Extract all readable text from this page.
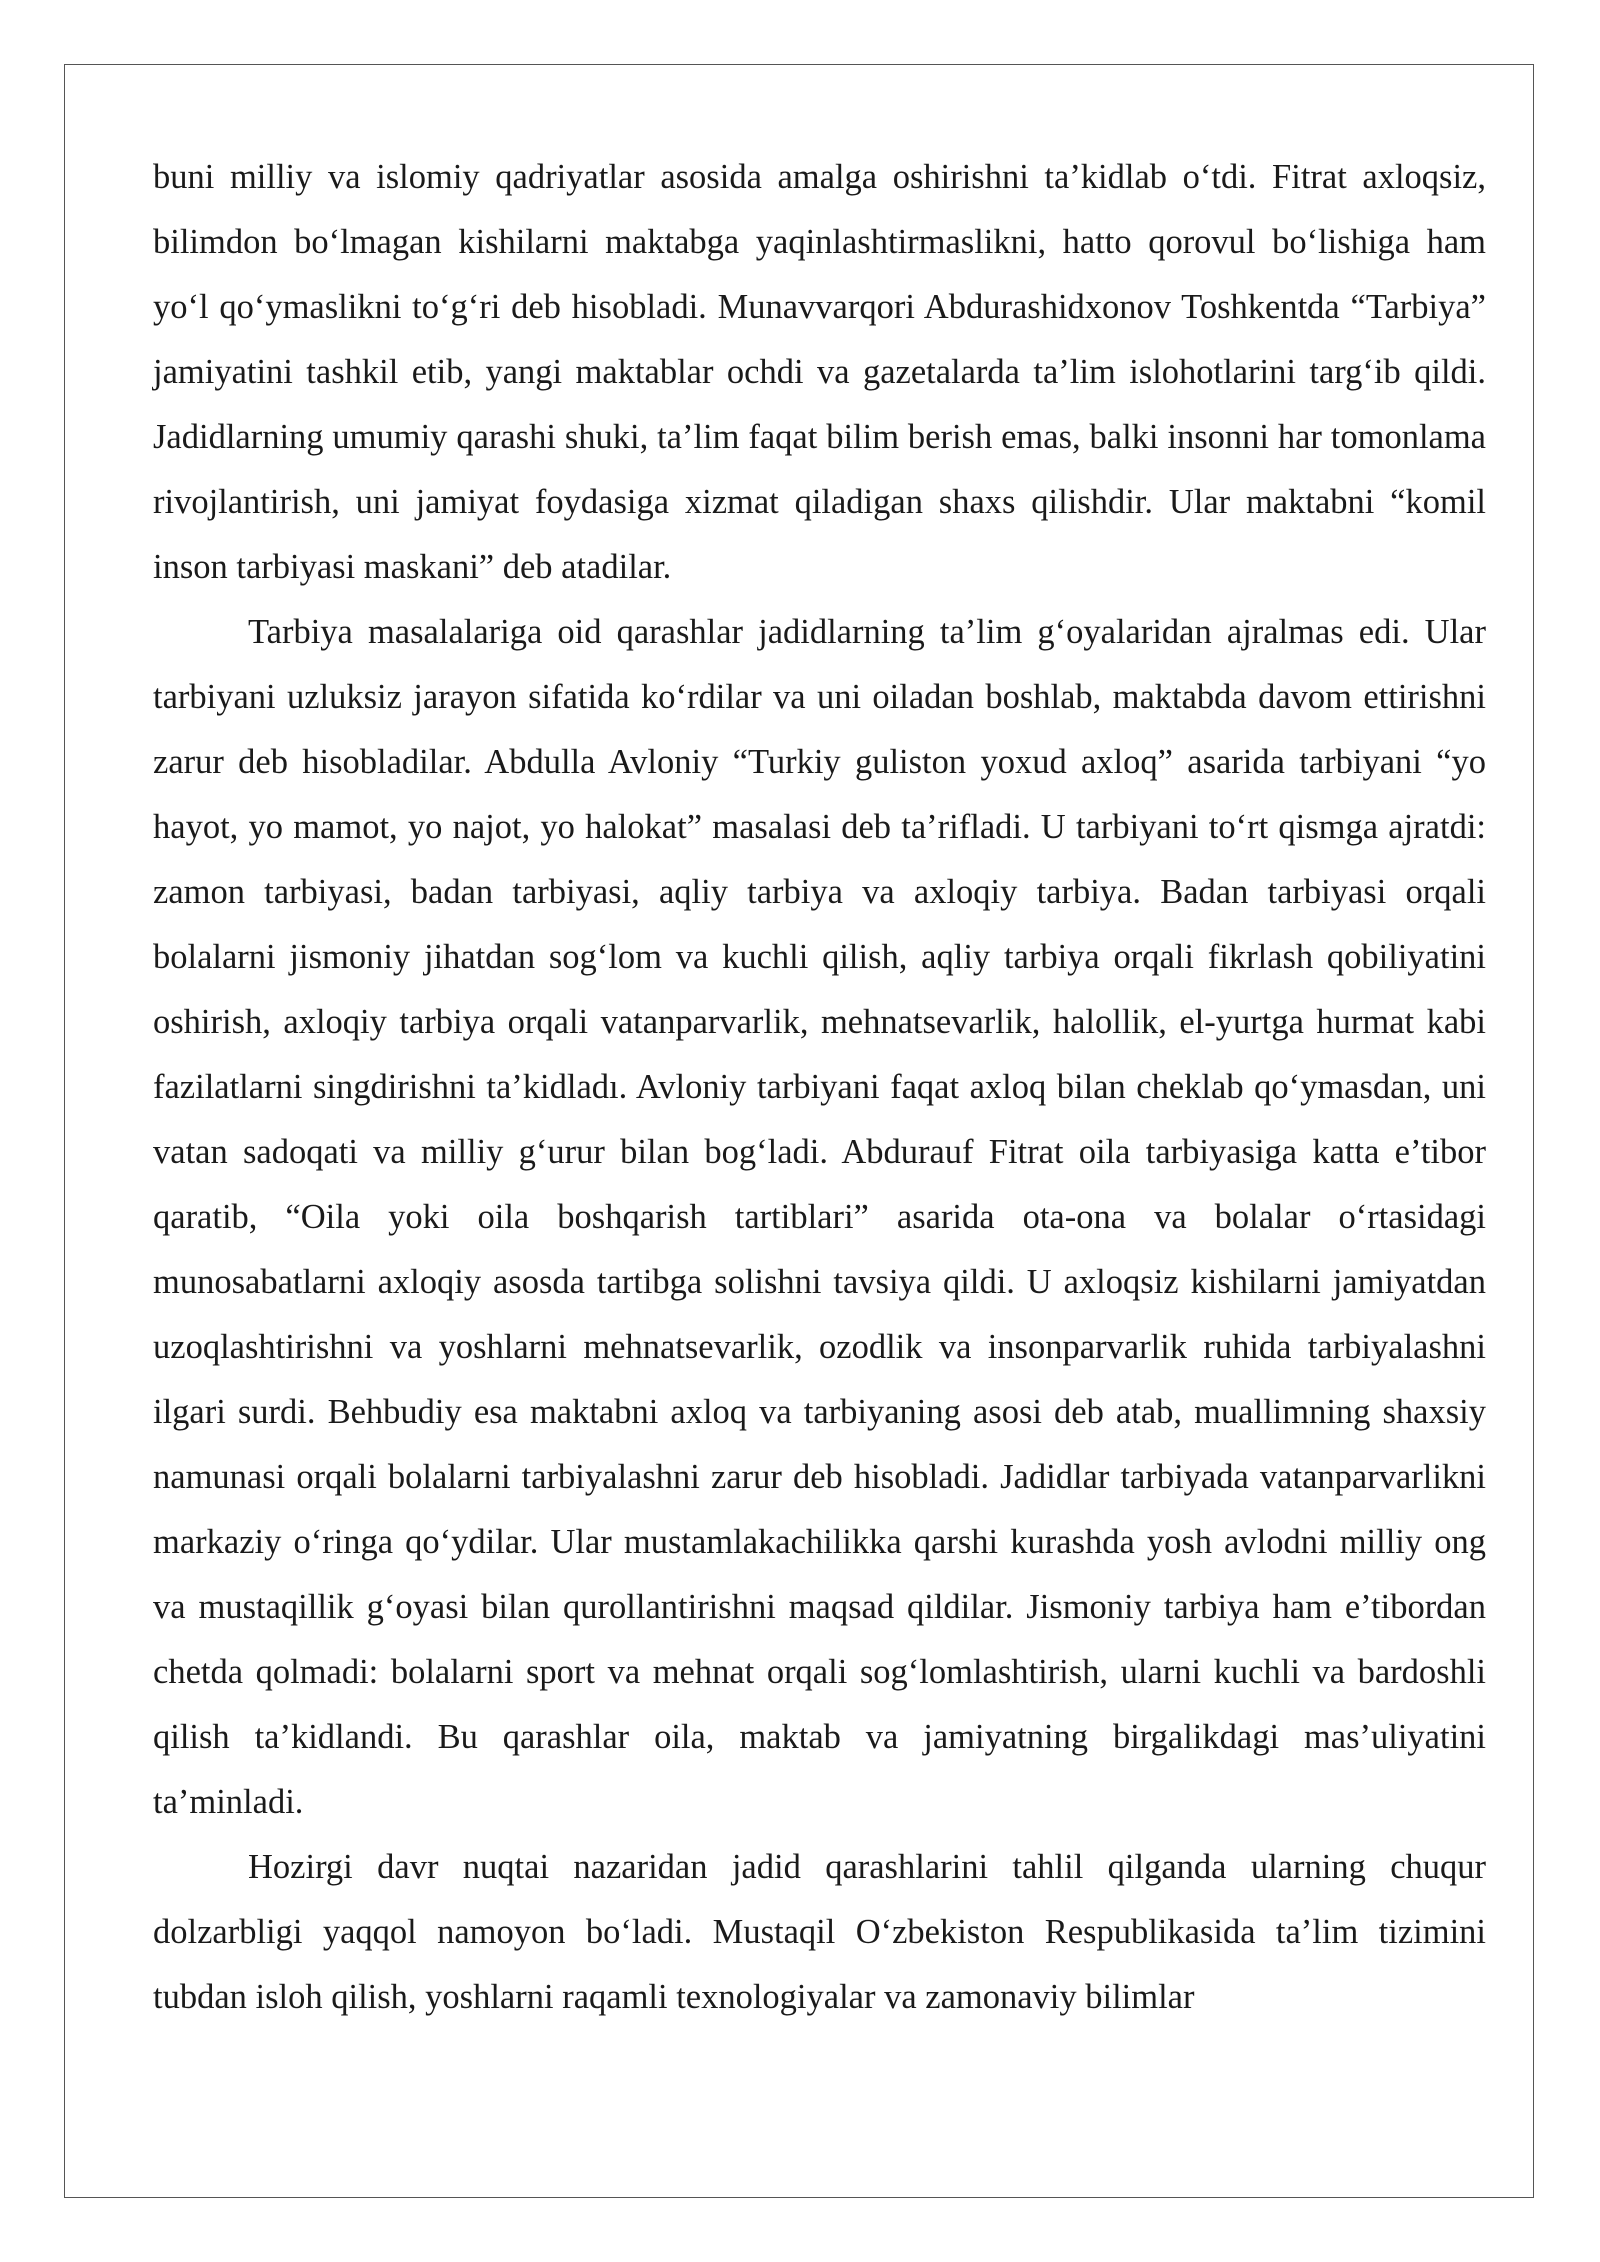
buni milliy va islomiy qadriyatlar asosida amalga oshirishni ta’kidlab o‘tdi. Fitrat axloqsiz, bilimdon bo‘lmagan kishilarni maktabga yaqinlashtirmaslikni, hatto qorovul bo‘lishiga ham yo‘l qo‘ymaslikni to‘g‘ri deb hisobladi. Munavvarqori Abdurashidxonov Toshkentda “Tarbiya” jamiyatini tashkil etib, yangi maktablar ochdi va gazetalarda ta’lim islohotlarini targ‘ib qildi. Jadidlarning umumiy qarashi shuki, ta’lim faqat bilim berish emas, balki insonni har tomonlama rivojlantirish, uni jamiyat foydasiga xizmat qiladigan shaxs qilishdir. Ular maktabni “komil inson tarbiyasi maskani” deb atadilar.

Tarbiya masalalariga oid qarashlar jadidlarning ta’lim g‘oyalaridan ajralmas edi. Ular tarbiyani uzluksiz jarayon sifatida ko‘rdilar va uni oiladan boshlab, maktabda davom ettirishni zarur deb hisobladilar. Abdulla Avloniy “Turkiy guliston yoxud axloq” asarida tarbiyani “yo hayot, yo mamot, yo najot, yo halokat” masalasi deb ta’rifladi. U tarbiyani to‘rt qismga ajratdi: zamon tarbiyasi, badan tarbiyasi, aqliy tarbiya va axloqiy tarbiya. Badan tarbiyasi orqali bolalarni jismoniy jihatdan sog‘lom va kuchli qilish, aqliy tarbiya orqali fikrlash qobiliyatini oshirish, axloqiy tarbiya orqali vatanparvarlik, mehnatsevarlik, halollik, el-yurtga hurmat kabi fazilatlarni singdirishni ta’kidladı. Avloniy tarbiyani faqat axloq bilan cheklab qo‘ymasdan, uni vatan sadoqati va milliy g‘urur bilan bog‘ladi. Abdurauf Fitrat oila tarbiyasiga katta e’tibor qaratib, “Oila yoki oila boshqarish tartiblari” asarida ota-ona va bolalar o‘rtasidagi munosabatlarni axloqiy asosda tartibga solishni tavsiya qildi. U axloqsiz kishilarni jamiyatdan uzoqlashtirishni va yoshlarni mehnatsevarlik, ozodlik va insonparvarlik ruhida tarbiyalashni ilgari surdi. Behbudiy esa maktabni axloq va tarbiyaning asosi deb atab, muallimning shaxsiy namunasi orqali bolalarni tarbiyalashni zarur deb hisobladi. Jadidlar tarbiyada vatanparvarlikni markaziy o‘ringa qo‘ydilar. Ular mustamlakachilikka qarshi kurashda yosh avlodni milliy ong va mustaqillik g‘oyasi bilan qurollantirishni maqsad qildilar. Jismoniy tarbiya ham e’tibordan chetda qolmadi: bolalarni sport va mehnat orqali sog‘lomlashtirish, ularni kuchli va bardoshli qilish ta’kidlandi. Bu qarashlar oila, maktab va jamiyatning birgalikdagi mas’uliyatini ta’minladi.

Hozirgi davr nuqtai nazaridan jadid qarashlarini tahlil qilganda ularning chuqur dolzarbligi yaqqol namoyon bo‘ladi. Mustaqil O‘zbekiston Respublikasida ta’lim tizimini tubdan isloh qilish, yoshlarni raqamli texnologiyalar va zamonaviy bilimlar
